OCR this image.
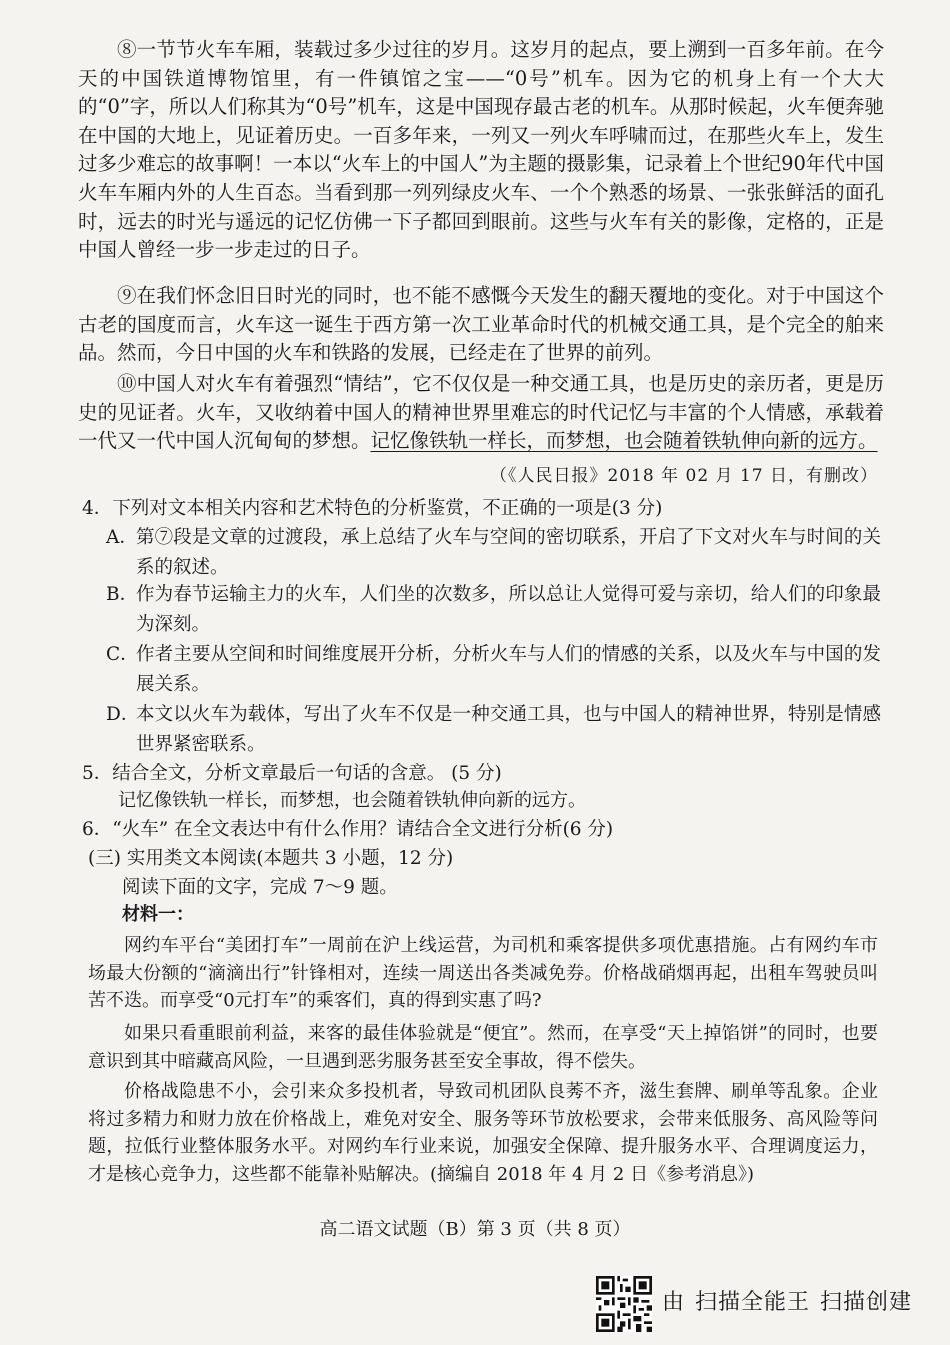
⑧一节节火车车厢，装载过多少过往的岁月。这岁月的起点，要上溯到一百多年前。在今天的中国铁道博物馆里，有一件镇馆之宝——“0号”机车。因为它的机身上有一个大大的“0”字，所以人们称其为“0号”机车，这是中国现存最古老的机车。从那时候起，火车便奔驰在中国的大地上，见证着历史。一百多年来，一列又一列火车呼啸而过，在那些火车上，发生过多少难忘的故事啊！一本以“火车上的中国人”为主题的摄影集，记录着上个世纪90年代中国火车车厢内外的人生百态。当看到那一列列绿皮火车、一个个熟悉的场景、一张张鲜活的面孔时，远去的时光与遥远的记忆仿佛一下子都回到眼前。这些与火车有关的影像，定格的，正是中国人曾经一步一步走过的日子。

⑨在我们怀念旧日时光的同时，也不能不感慨今天发生的翻天覆地的变化。对于中国这个古老的国度而言，火车这一诞生于西方第一次工业革命时代的机械交通工具，是个完全的舶来品。然而，今日中国的火车和铁路的发展，已经走在了世界的前列。

⑩中国人对火车有着强烈“情结”，它不仅仅是一种交通工具，也是历史的亲历者，更是历史的见证者。火车，又收纳着中国人的精神世界里难忘的时代记忆与丰富的个人情感，承载着一代又一代中国人沉甸甸的梦想。记忆像铁轨一样长，而梦想，也会随着铁轨伸向新的远方。

（《人民日报》2018 年 02 月 17 日，有删改）

4．下列对文本相关内容和艺术特色的分析鉴赏，不正确的一项是(3 分)

A．
第⑦段是文章的过渡段，承上总结了火车与空间的密切联系，开启了下文对火车与时间的关系的叙述。
B．
作为春节运输主力的火车，人们坐的次数多，所以总让人觉得可爱与亲切，给人们的印象最为深刻。
C．
作者主要从空间和时间维度展开分析，分析火车与人们的情感的关系，以及火车与中国的发展关系。
D．
本文以火车为载体，写出了火车不仅是一种交通工具，也与中国人的精神世界，特别是情感世界紧密联系。

5．结合全文，分析文章最后一句话的含意。 (5 分)

记忆像铁轨一样长，而梦想，也会随着铁轨伸向新的远方。

6．“火车” 在全文表达中有什么作用？请结合全文进行分析(6 分)

(三) 实用类文本阅读(本题共 3 小题，12 分)
阅读下面的文字，完成 7～9 题。
材料一：

网约车平台“美团打车”一周前在沪上线运营，为司机和乘客提供多项优惠措施。占有网约车市场最大份额的“滴滴出行”针锋相对，连续一周送出各类减免券。价格战硝烟再起，出租车驾驶员叫苦不迭。而享受“0元打车”的乘客们，真的得到实惠了吗?

如果只看重眼前利益，来客的最佳体验就是“便宜”。然而，在享受“天上掉馅饼”的同时，也要意识到其中暗藏高风险，一旦遇到恶劣服务甚至安全事故，得不偿失。

价格战隐患不小，会引来众多投机者，导致司机团队良莠不齐，滋生套牌、刷单等乱象。企业将过多精力和财力放在价格战上，难免对安全、服务等环节放松要求，会带来低服务、高风险等问题，拉低行业整体服务水平。对网约车行业来说，加强安全保障、提升服务水平、合理调度运力，才是核心竞争力，这些都不能靠补贴解决。(摘编自 2018 年 4 月 2 日《参考消息》)

高二语文试题（B）第 3 页（共 8 页）
由 扫描全能王 扫描创建
